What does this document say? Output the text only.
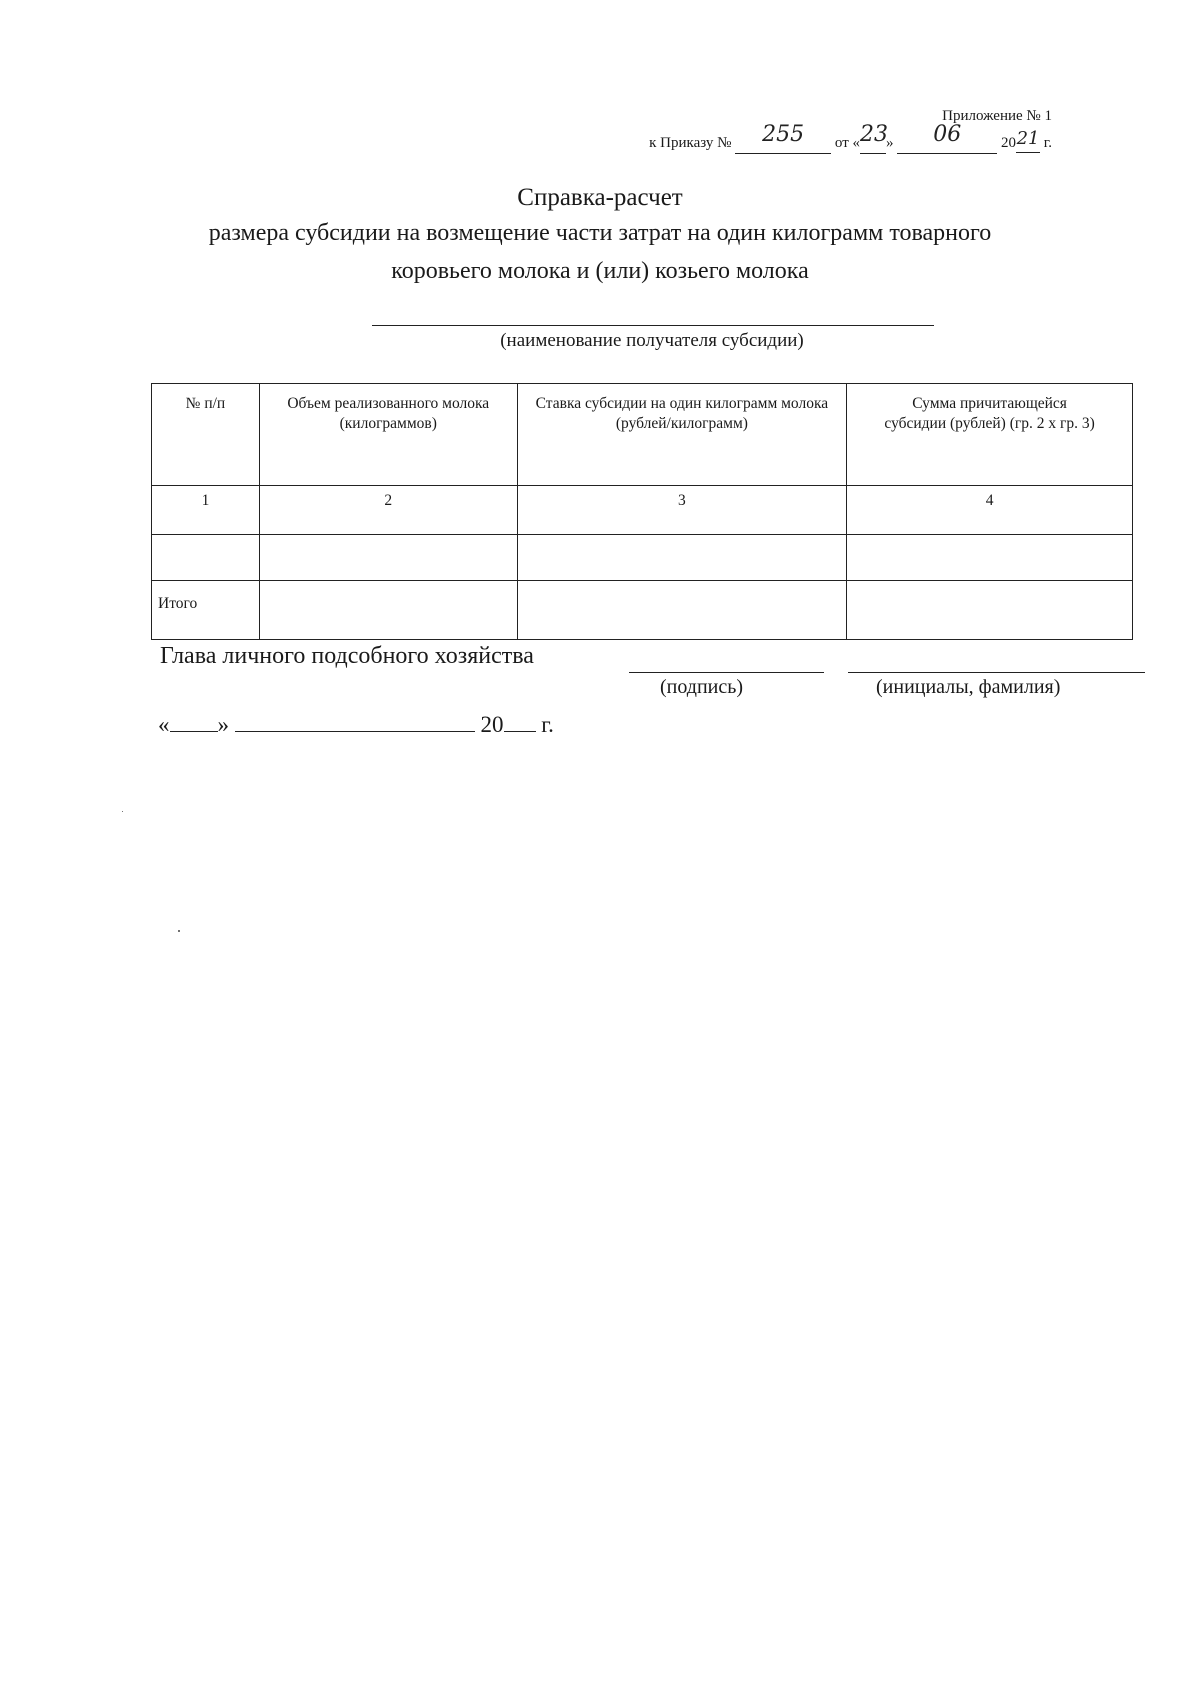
Приложение № 1
к Приказу № 255 от «23» 06	2021 г.
Справка-расчет
размера субсидии на возмещение части затрат на один килограмм товарного
коровьего молока и (или) козьего молока
(наименование получателя субсидии)
№ п/п	Объем реализованного молока (килограммов)	Ставка субсидии на один килограмм молока (рублей/килограмм)	Сумма причитающейся субсидии (рублей) (гр. 2 х гр. 3)
1	2	3	4

Итого			
Глава личного подсобного хозяйства
(подпись)	(инициалы, фамилия)
« »	20 г.
